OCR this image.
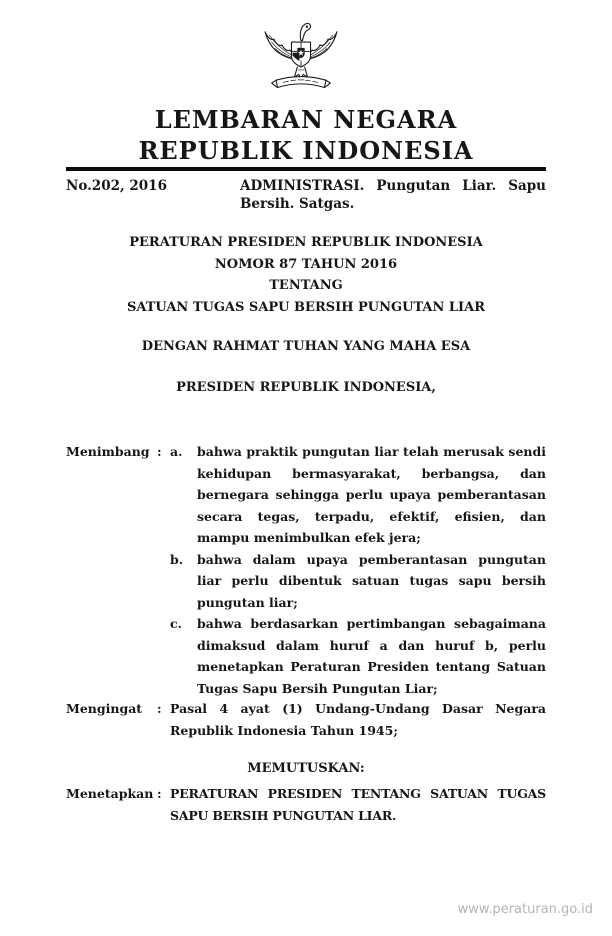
LEMBARAN NEGARA
REPUBLIK INDONESIA
No.202, 2016	ADMINISTRASI. Pungutan Liar. Sapu Bersih. Satgas.
PERATURAN PRESIDEN REPUBLIK INDONESIA
NOMOR 87 TAHUN 2016
TENTANG
SATUAN TUGAS SAPU BERSIH PUNGUTAN LIAR
DENGAN RAHMAT TUHAN YANG MAHA ESA
PRESIDEN REPUBLIK INDONESIA,
Menimbang : a.	bahwa praktik pungutan liar telah merusak sendi kehidupan bermasyarakat, berbangsa, dan bernegara sehingga perlu upaya pemberantasan secara tegas, terpadu, efektif, efisien, dan mampu menimbulkan efek jera;
b.	bahwa dalam upaya pemberantasan pungutan liar perlu dibentuk satuan tugas sapu bersih pungutan liar;
c.	bahwa berdasarkan pertimbangan sebagaimana dimaksud dalam huruf a dan huruf b, perlu menetapkan Peraturan Presiden tentang Satuan Tugas Sapu Bersih Pungutan Liar;
Mengingat	: Pasal 4 ayat (1) Undang-Undang Dasar Negara Republik Indonesia Tahun 1945;
MEMUTUSKAN:
Menetapkan : PERATURAN PRESIDEN TENTANG SATUAN TUGAS SAPU BERSIH PUNGUTAN LIAR.
www.peraturan.go.id
